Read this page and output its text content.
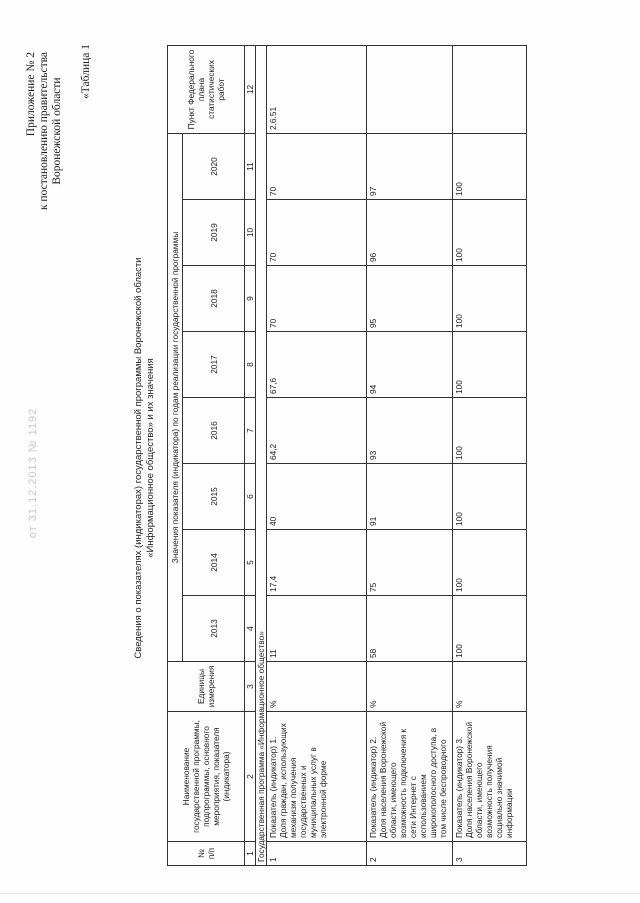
Приложение № 2 к постановлению правительства Воронежской области
от 31.12.2013 № 1192
«Таблица 1
Сведения о показателях (индикаторах) государственной программы Воронежской области «Информационное общество» и их значения
№ п/п	Наименование государственной программы, подпрограммы, основного мероприятия, показателя (индикатора)	Единицы измерения	Значения показателя (индикатора) по годам реализации государственной программы								Пункт Федерального плана статистических работ
			2013	2014	2015	2016	2017	2018	2019	2020	
1	2	3	4	5	6	7	8	9	10	11	12
Государственная программа «Информационное общество»											
1	Показатель (индикатор) 1. Доля граждан, использующих механизм получения государственных и муниципальных услуг в электронной форме	%	11	17,4	40	64,2	67,6	70	70	70	2.6.51
2	Показатель (индикатор) 2. Доля населения Воронежской области, имеющего возможность подключения к сети Интернет с использованием широкополосного доступа, в том числе беспроводного	%	58	75	91	93	94	95	96	97	
3	Показатель (индикатор) 3. Доля населения Воронежской области, имеющего возможность получения социально значимой информации	%	100	100	100	100	100	100	100	100	
